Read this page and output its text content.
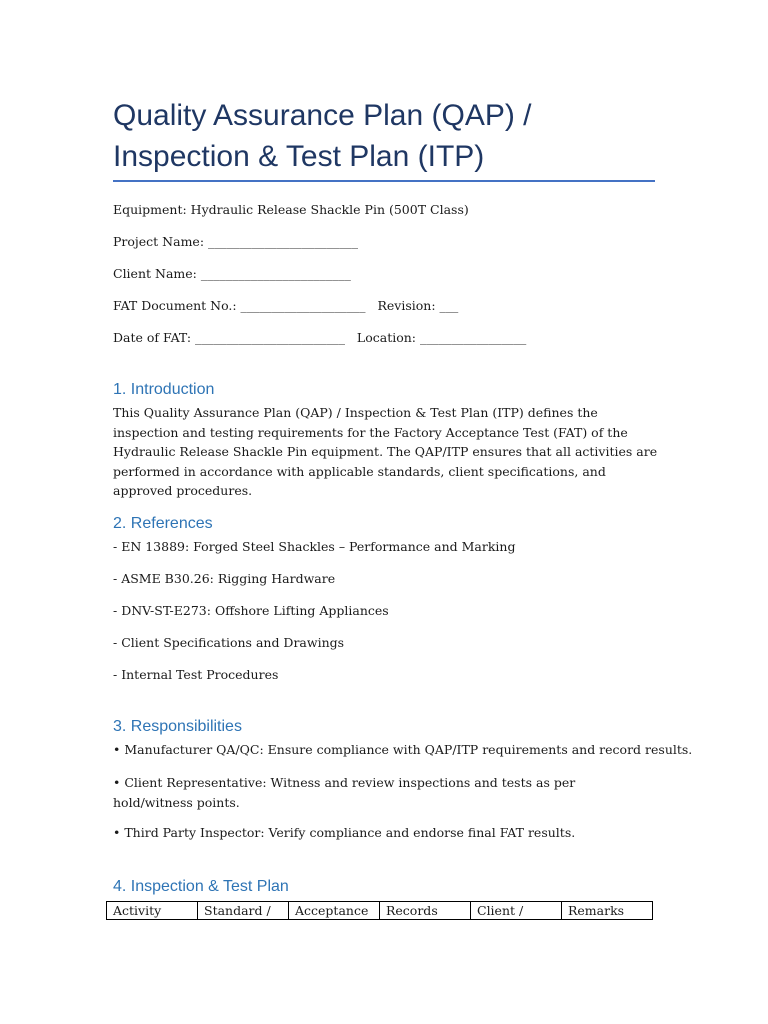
Quality Assurance Plan (QAP) /
Inspection & Test Plan (ITP)
Equipment: Hydraulic Release Shackle Pin (500T Class)
Project Name: ________________________
Client Name: ________________________
FAT Document No.: ____________________   Revision: ___
Date of FAT: ________________________   Location: _________________
1. Introduction

This Quality Assurance Plan (QAP) / Inspection & Test Plan (ITP) defines the inspection and testing requirements for the Factory Acceptance Test (FAT) of the Hydraulic Release Shackle Pin equipment. The QAP/ITP ensures that all activities are performed in accordance with applicable standards, client specifications, and approved procedures.

2. References
- EN 13889: Forged Steel Shackles – Performance and Marking
- ASME B30.26: Rigging Hardware
- DNV-ST-E273: Offshore Lifting Appliances
- Client Specifications and Drawings
- Internal Test Procedures
3. Responsibilities
• Manufacturer QA/QC: Ensure compliance with QAP/ITP requirements and record results.

• Client Representative: Witness and review inspections and tests as per hold/witness points.

• Third Party Inspector: Verify compliance and endorse final FAT results.
4. Inspection & Test Plan
Activity	Standard /	Acceptance	Records	Client /	Remarks
